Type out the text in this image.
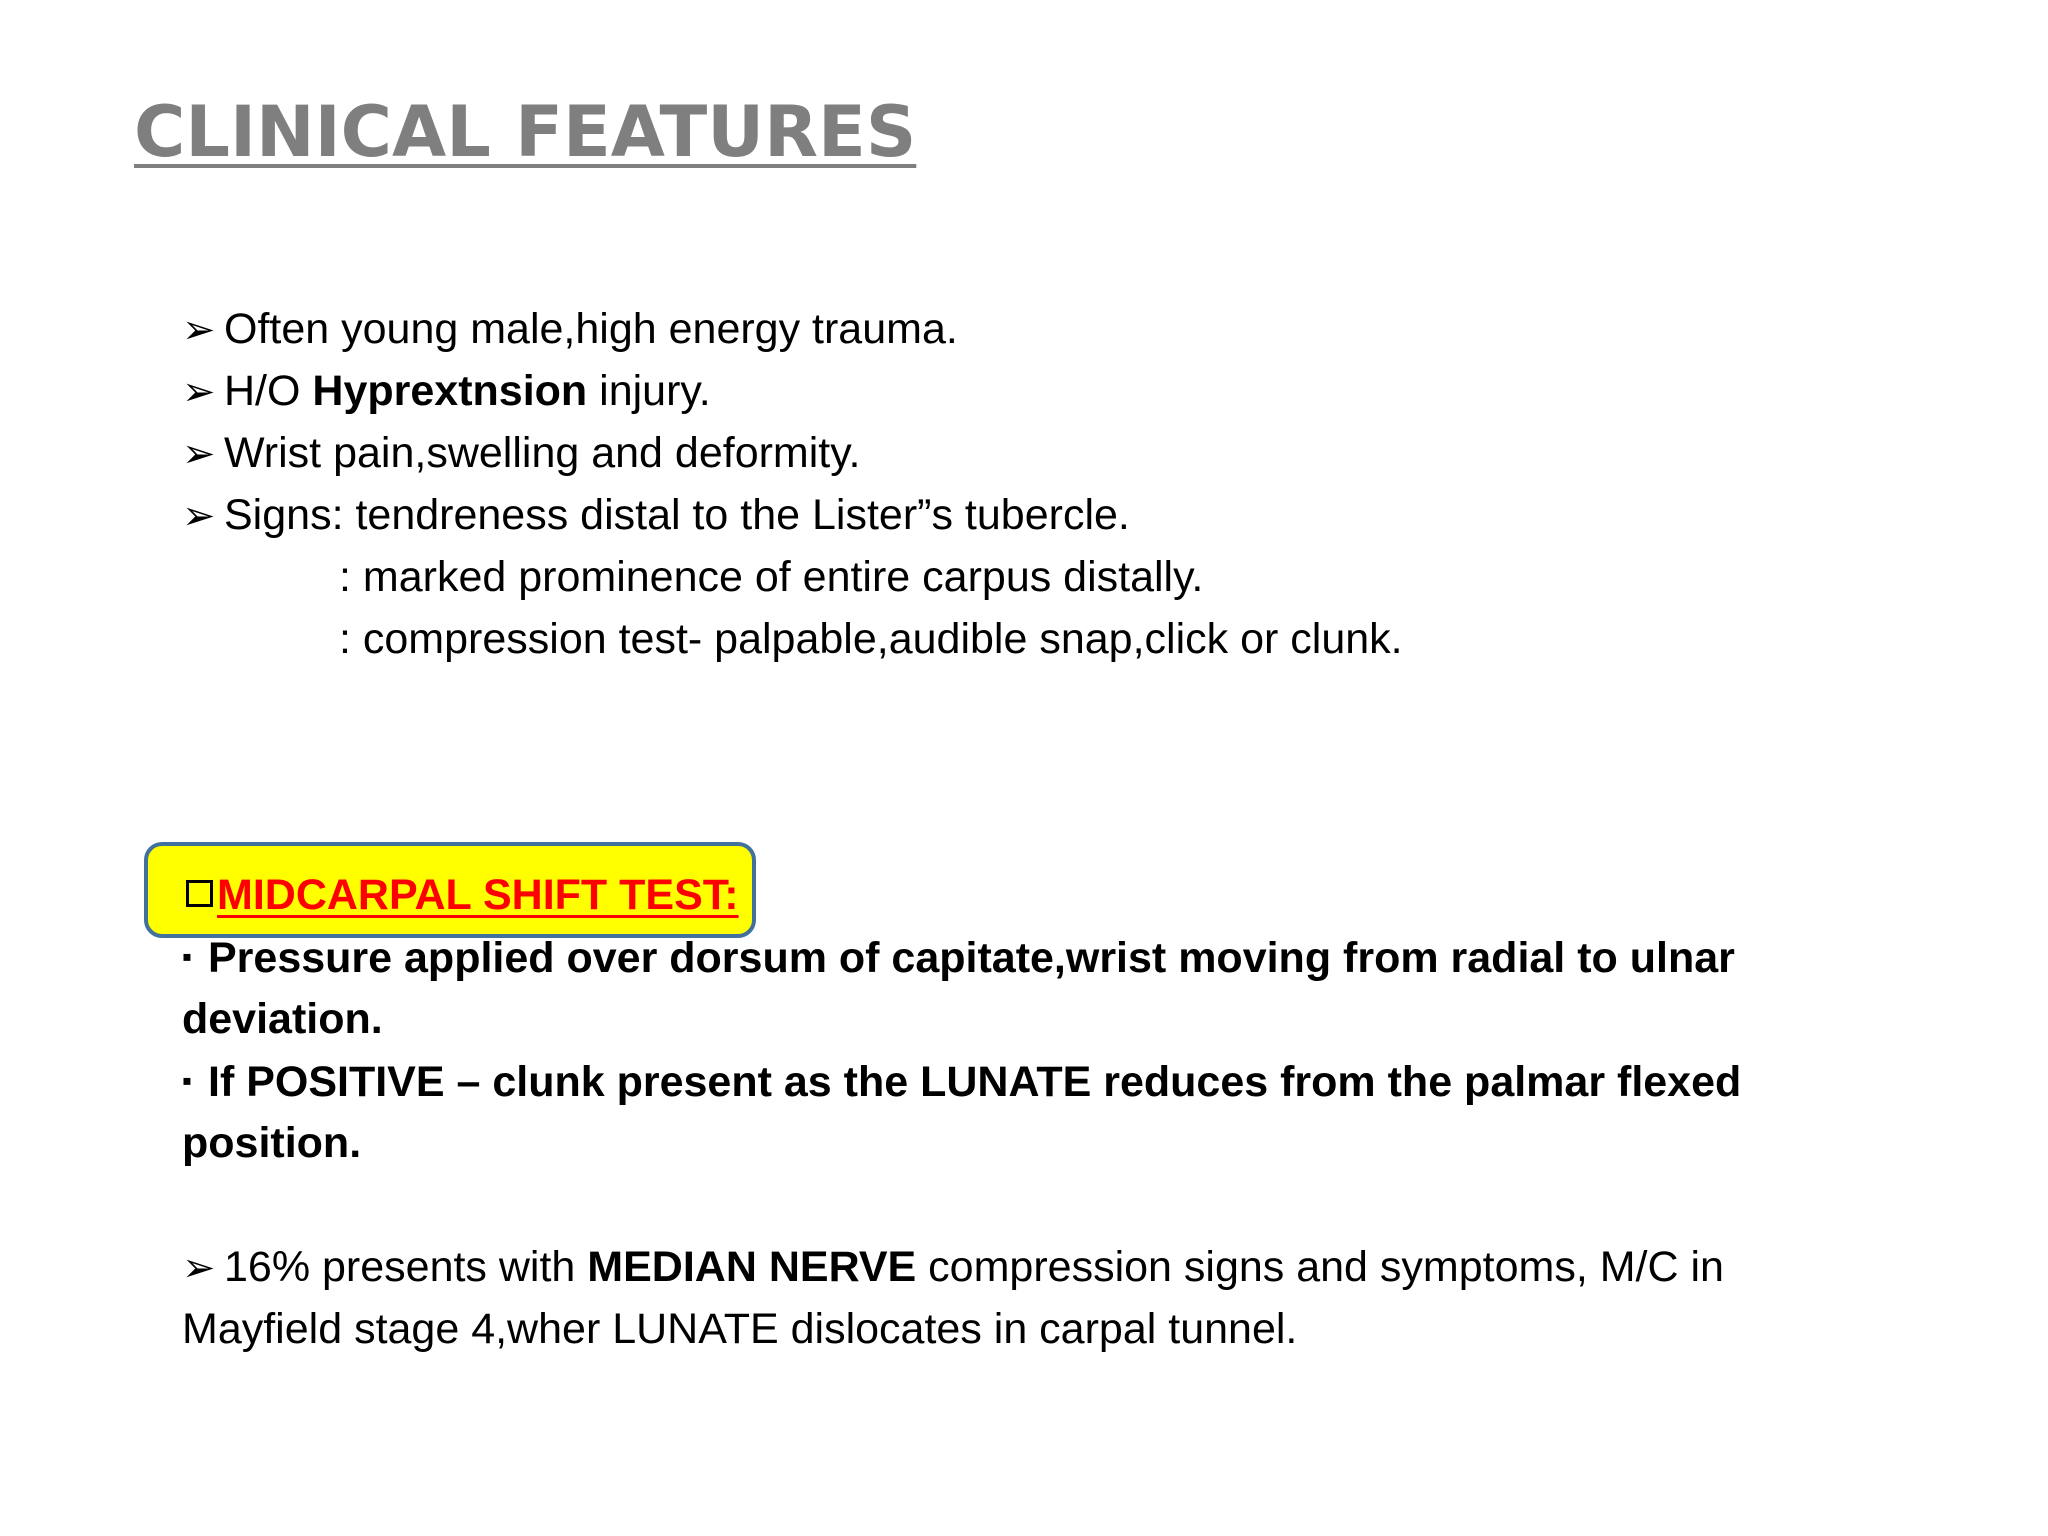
CLINICAL FEATURES
➢ Often young male,high energy trauma.
➢ H/O Hyprextnsion injury.
➢ Wrist pain,swelling and deformity.
➢ Signs: tendreness distal to the Lister”s tubercle.
: marked prominence of entire carpus distally.
: compression test- palpable,audible snap,click or clunk.
MIDCARPAL SHIFT TEST:
▪ Pressure applied over dorsum of capitate,wrist moving from radial to ulnar
deviation.
▪ If POSITIVE – clunk present as the LUNATE reduces from the palmar flexed
position.
➢ 16% presents with MEDIAN NERVE compression signs and symptoms, M/C in
Mayfield stage 4,wher LUNATE dislocates in carpal tunnel.
